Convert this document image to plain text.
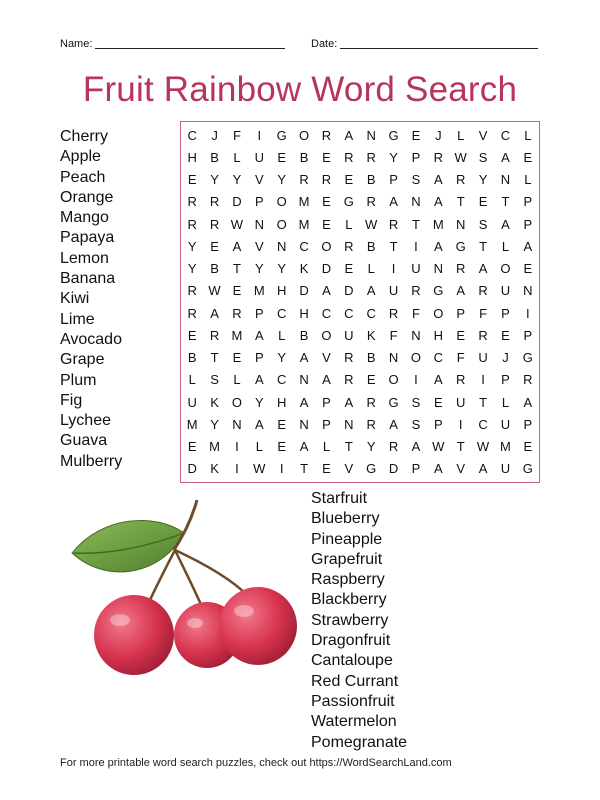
Name:	Date:
Fruit Rainbow Word Search
Cherry
Apple
Peach
Orange
Mango
Papaya
Lemon
Banana
Kiwi
Lime
Avocado
Grape
Plum
Fig
Lychee
Guava
Mulberry
C	J	F	I	G O R	A	N G E	J	L	V	C	L
H	B	L	U	E	B	E	R R	Y	P	R W S	A	E
E	Y	Y	V	Y	R R	E	B	P	S	A	R	Y	N	L
R R D	P O M E G R	A	N	A	T	E	T	P
R R W N O M E	L W R	T M N	S	A	P
Y	E	A	V	N C O R	B	T	I	A G	T	L	A
Y	B	T	Y	Y	K	D	E	L	I	U N R	A O E
R W E M H D	A	D	A	U R G A	R U N
R	A	R	P	C H C C C R	F	O P	F	P	I
E	R M A	L	B O U	K	F	N H	E	R	E	P
B	T	E	P	Y	A	V	R	B	N O C	F	U	J	G
L	S	L	A	C N	A	R	E O	I	A	R	I	P	R
U	K O Y	H	A	P	A	R G S	E	U	T	L	A
M Y	N	A	E	N	P	N R	A	S	P	I	C U	P
E M	I	L	E	A	L	T	Y	R	A W T W M E
D	K	I	W	I	T	E	V G D	P	A	V	A	U G
Starfruit
Blueberry
Pineapple
Grapefruit
Raspberry
Blackberry
Strawberry
Dragonfruit
Cantaloupe
Red Currant
Passionfruit
Watermelon
Pomegranate
For more printable word search puzzles, check out https://WordSearchLand.com
